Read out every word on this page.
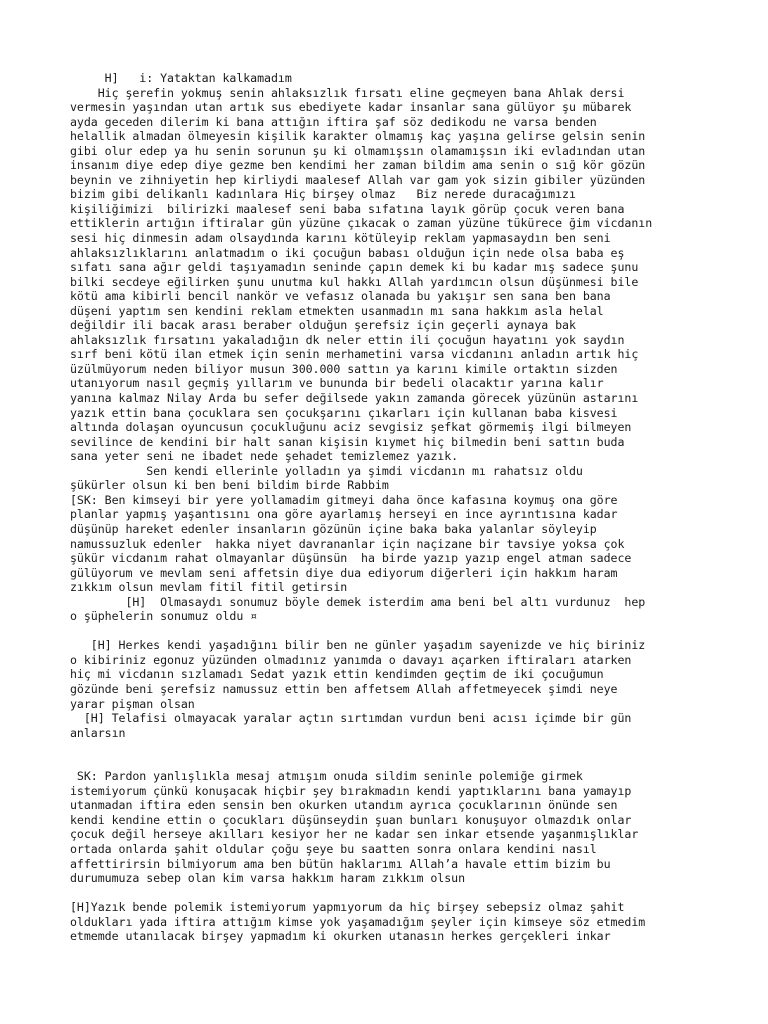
H]   i: Yataktan kalkamadım
Hiç şerefin yokmuş senin ahlaksızlık fırsatı eline geçmeyen bana Ahlak dersi
vermesin yaşından utan artık sus ebediyete kadar insanlar sana gülüyor şu mübarek
ayda geceden dilerim ki bana attığın iftira şaf söz dedikodu ne varsa benden
helallik almadan ölmeyesin kişilik karakter olmamış kaç yaşına gelirse gelsin senin
gibi olur edep ya hu senin sorunun şu ki olmamışsın olamamışsın iki evladından utan
insanım diye edep diye gezme ben kendimi her zaman bildim ama senin o sığ kör gözün
beynin ve zihniyetin hep kirliydi maalesef Allah var gam yok sizin gibiler yüzünden
bizim gibi delikanlı kadınlara Hiç birşey olmaz   Biz nerede duracağımızı
kişiliğimizi  bilirizki maalesef seni baba sıfatına layık görüp çocuk veren bana
ettiklerin artığın iftiralar gün yüzüne çıkacak o zaman yüzüne tükürece ğim vicdanın
sesi hiç dinmesin adam olsaydında karını kötüleyip reklam yapmasaydın ben seni
ahlaksızlıklarını anlatmadım o iki çocuğun babası olduğun için nede olsa baba eş
sıfatı sana ağır geldi taşıyamadın seninde çapın demek ki bu kadar mış sadece şunu
bilki secdeye eğilirken şunu unutma kul hakkı Allah yardımcın olsun düşünmesi bile
kötü ama kibirli bencil nankör ve vefasız olanada bu yakışır sen sana ben bana
düşeni yaptım sen kendini reklam etmekten usanmadın mı sana hakkım asla helal
değildir ili bacak arası beraber olduğun şerefsiz için geçerli aynaya bak
ahlaksızlık fırsatını yakaladığın dk neler ettin ili çocuğun hayatını yok saydın
sırf beni kötü ilan etmek için senin merhametini varsa vicdanını anladın artık hiç
üzülmüyorum neden biliyor musun 300.000 sattın ya karını kimile ortaktın sizden
utanıyorum nasıl geçmiş yıllarım ve bununda bir bedeli olacaktır yarına kalır
yanına kalmaz Nilay Arda bu sefer değilsede yakın zamanda görecek yüzünün astarını
yazık ettin bana çocuklara sen çocukşarını çıkarları için kullanan baba kisvesi
altında dolaşan oyuncusun çocukluğunu aciz sevgisiz şefkat görmemiş ilgi bilmeyen
sevilince de kendini bir halt sanan kişisin kıymet hiç bilmedin beni sattın buda
sana yeter seni ne ibadet nede şehadet temizlemez yazık.
Sen kendi ellerinle yolladın ya şimdi vicdanın mı rahatsız oldu
şükürler olsun ki ben beni bildim birde Rabbim
[SK: Ben kimseyi bir yere yollamadim gitmeyi daha önce kafasına koymuş ona göre
planlar yapmış yaşantısını ona göre ayarlamış herseyi en ince ayrıntısına kadar
düşünüp hareket edenler insanların gözünün içine baka baka yalanlar söyleyip
namussuzluk edenler  hakka niyet davrananlar için naçizane bir tavsiye yoksa çok
şükür vicdanım rahat olmayanlar düşünsün  ha birde yazıp yazıp engel atman sadece
gülüyorum ve mevlam seni affetsin diye dua ediyorum diğerleri için hakkım haram
zıkkım olsun mevlam fitil fitil getirsin
[H]  Olmasaydı sonumuz böyle demek isterdim ama beni bel altı vurdunuz  hep
o şüphelerin sonumuz oldu ¤

[H] Herkes kendi yaşadığını bilir ben ne günler yaşadım sayenizde ve hiç biriniz
o kibiriniz egonuz yüzünden olmadınız yanımda o davayı açarken iftiraları atarken
hiç mi vicdanın sızlamadı Sedat yazık ettin kendimden geçtim de iki çocuğumun
gözünde beni şerefsiz namussuz ettin ben affetsem Allah affetmeyecek şimdi neye
yarar pişman olsan
[H] Telafisi olmayacak yaralar açtın sırtımdan vurdun beni acısı içimde bir gün
anlarsın

SK: Pardon yanlışlıkla mesaj atmışım onuda sildim seninle polemiğe girmek
istemiyorum çünkü konuşacak hiçbir şey bırakmadın kendi yaptıklarını bana yamayıp
utanmadan iftira eden sensin ben okurken utandım ayrıca çocuklarının önünde sen
kendi kendine ettin o çocukları düşünseydin şuan bunları konuşuyor olmazdık onlar
çocuk değil herseye akılları kesiyor her ne kadar sen inkar etsende yaşanmışlıklar
ortada onlarda şahit oldular çoğu şeye bu saatten sonra onlara kendini nasıl
affettirirsin bilmiyorum ama ben bütün haklarımı Allah’a havale ettim bizim bu
durumumuza sebep olan kim varsa hakkım haram zıkkım olsun

[H]Yazık bende polemik istemiyorum yapmıyorum da hiç birşey sebepsiz olmaz şahit
oldukları yada iftira attığım kimse yok yaşamadığım şeyler için kimseye söz etmedim
etmemde utanılacak birşey yapmadım ki okurken utanasın herkes gerçekleri inkar
